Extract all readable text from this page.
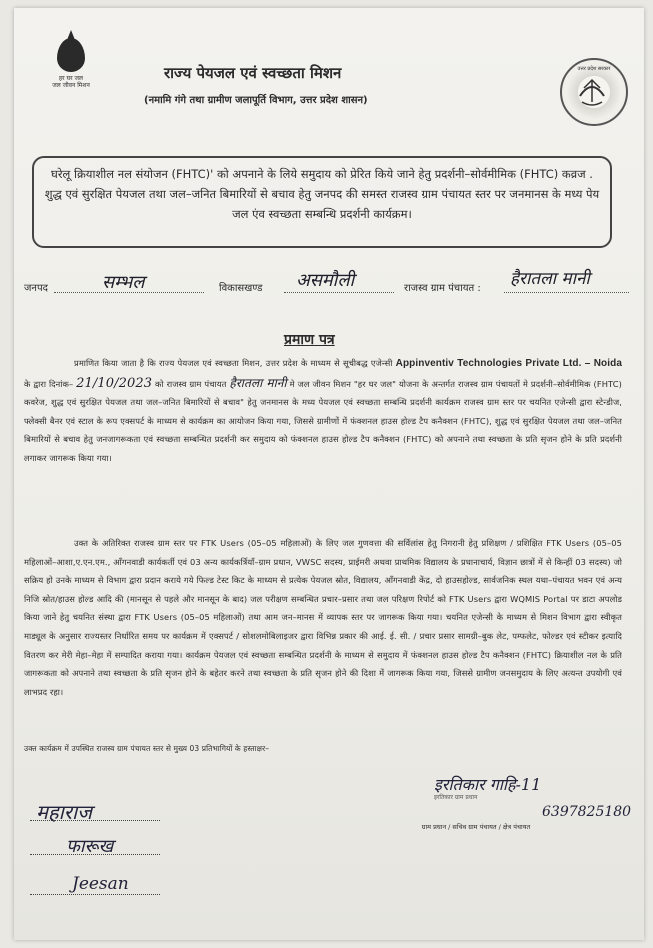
हर घर जल
जल जीवन मिशन
राज्य पेयजल एवं स्वच्छता मिशन
(नमामि गंगे तथा ग्रामीण जलापूर्ति विभाग, उत्तर प्रदेश शासन)
उत्तर प्रदेश सरकार
घरेलू क्रियाशील नल संयोजन (FHTC)' को अपनाने के लिये समुदाय को प्रेरित किये जाने हेतु प्रदर्शनी–सोर्वमीमिक (FHTC) कव्रज . शुद्ध एवं सुरक्षित पेयजल तथा जल–जनित बिमारियों से बचाव हेतु जनपद की समस्त राजस्व ग्राम पंचायत स्तर पर जनमानस के मध्य पेय जल एंव स्वच्छता सम्बन्धि प्रदर्शनी कार्यक्रम।
जनपद	सम्भल	विकासखण्ड असमौली	राजस्व ग्राम पंचायत : हैरातला मानी
प्रमाण पत्र
प्रमाणित किया जाता है कि राज्य पेयजल एवं स्वच्छता मिशन, उत्तर प्रदेश के माध्यम से सूचीबद्ध एजेन्सी Appinventiv Technologies Private Ltd. – Noida के द्वारा दिनांक– 21/10/2023 को राजस्व ग्राम पंचायत हैरातला मानी मे जल जीवन मिशन "हर घर जल" योजना के अन्तर्गत राजस्व ग्राम पंचायतों मे प्रदर्शनी–सोर्वमीमिक (FHTC) कवरेज, शुद्ध एवं सुरक्षित पेयजल तथा जल–जनित बिमारियों से बचाव" हेतु जनमानस के मध्य पेयजल एवं स्वच्छता सम्बन्धि प्रदर्शनी कार्यक्रम राजस्व ग्राम स्तर पर चयनित एजेन्सी द्वारा स्टेन्डीज, फ्लेक्सी बैनर एवं स्टाल के रूप एक्सपर्ट के माध्यम से कार्यक्रम का आयोजन किया गया, जिससे ग्रामीणों में फंक्शनल हाउस होल्ड टैप कनैक्शन (FHTC), शुद्ध एवं सुरक्षित पेयजल तथा जल–जनित बिमारियों से बचाव हेतु जनजागरूकता एवं स्वच्छता सम्बन्धित प्रदर्शनी कर समुदाय को फंक्शनल हाउस होल्ड टैप कनैक्शन (FHTC) को अपनाने तथा स्वच्छता के प्रति सृजन होने के प्रति प्रदर्शनी लगाकर जागरूक किया गया।
उक्त के अतिरिक्त राजस्व ग्राम स्तर पर FTK Users (05–05 महिलाओं) के लिए जल गुणवत्ता की सर्विलांस हेतु निगरानी हेतु प्रशिक्षण / प्रशिक्षित FTK Users (05–05 महिलाओं–आशा,ए.एन.एम., आँगनवाडी कार्यकर्ती एवं 03 अन्य कार्यकर्त्रियाँ–ग्राम प्रधान, VWSC सदस्य, प्राईमरी अथवा प्राथमिक विद्यालय के प्रधानाचार्य, विज्ञान छात्रों में से किन्हीं 03 सदस्य) जो सक्रिय हो उनके माध्यम से विभाग द्वारा प्रदान कराये गये फिल्ड टेस्ट किट के माध्यम से प्रत्येक पेयजल स्रोत, विद्यालय, आँगनवाडी केंद्र, दो हाउसहोल्ड, सार्वजनिक स्थल यथा–पंचायत भवन एवं अन्य निजि स्रोत/हाउस होल्ड आदि की (मानसून से पहले और मानसून के बाद) जल परीक्षण सम्बन्धित प्रचार–प्रसार तथा जल परिक्षण रिपोर्ट को FTK Users द्वारा WQMIS Portal पर डाटा अपलोड किया जाने हेतु चयनित संस्था द्वारा FTK Users (05–05 महिलाओं) तथा आम जन–मानस में व्यापक स्तर पर जागरूक किया गया। चयनित एजेन्सी के माध्यम से मिशन विभाग द्वारा स्वीकृत माड्यूल के अनुसार राज्यस्तर निर्धारित समय पर कार्यक्रम में एक्सपर्ट / सोशलमोबिलाइजर द्वारा विभिन्न प्रकार की आई. ई. सी. / प्रचार प्रसार सामग्री–बुक लेट, पम्फलेट, फोल्डर एवं स्टीकर इत्यादि वितरण कर मेरी मेहा–मेहा में सम्पादित कराया गया। कार्यक्रम पेयजल एवं स्वच्छता सम्बन्धित प्रदर्शनी के माध्यम से समुदाय में फंक्शनल हाउस होल्ड टैप कनैक्शन (FHTC) क्रियाशील नल के प्रति जागरूकता को अपनाने तथा स्वच्छता के प्रति सृजन होने के बहेतर करने तथा स्वच्छता के प्रति सृजन होने की दिशा में जागरूक किया गया, जिससे ग्रामीण जनसमुदाय के लिए अत्यन्त उपयोगी एवं लाभप्रद रहा।
उक्त कार्यक्रम में उपस्थित राजस्व ग्राम पंचायत स्तर से मुख्य 03 प्रतिभागियों के हस्ताक्षर–
महाराज
फारूख
Jeesan
इरतिकार गाहि-11
इरतिकार ग्राम प्रधान
6397825180
ग्राम प्रधान / सचिव ग्राम पंचायत / क्षेत्र पंचायत
